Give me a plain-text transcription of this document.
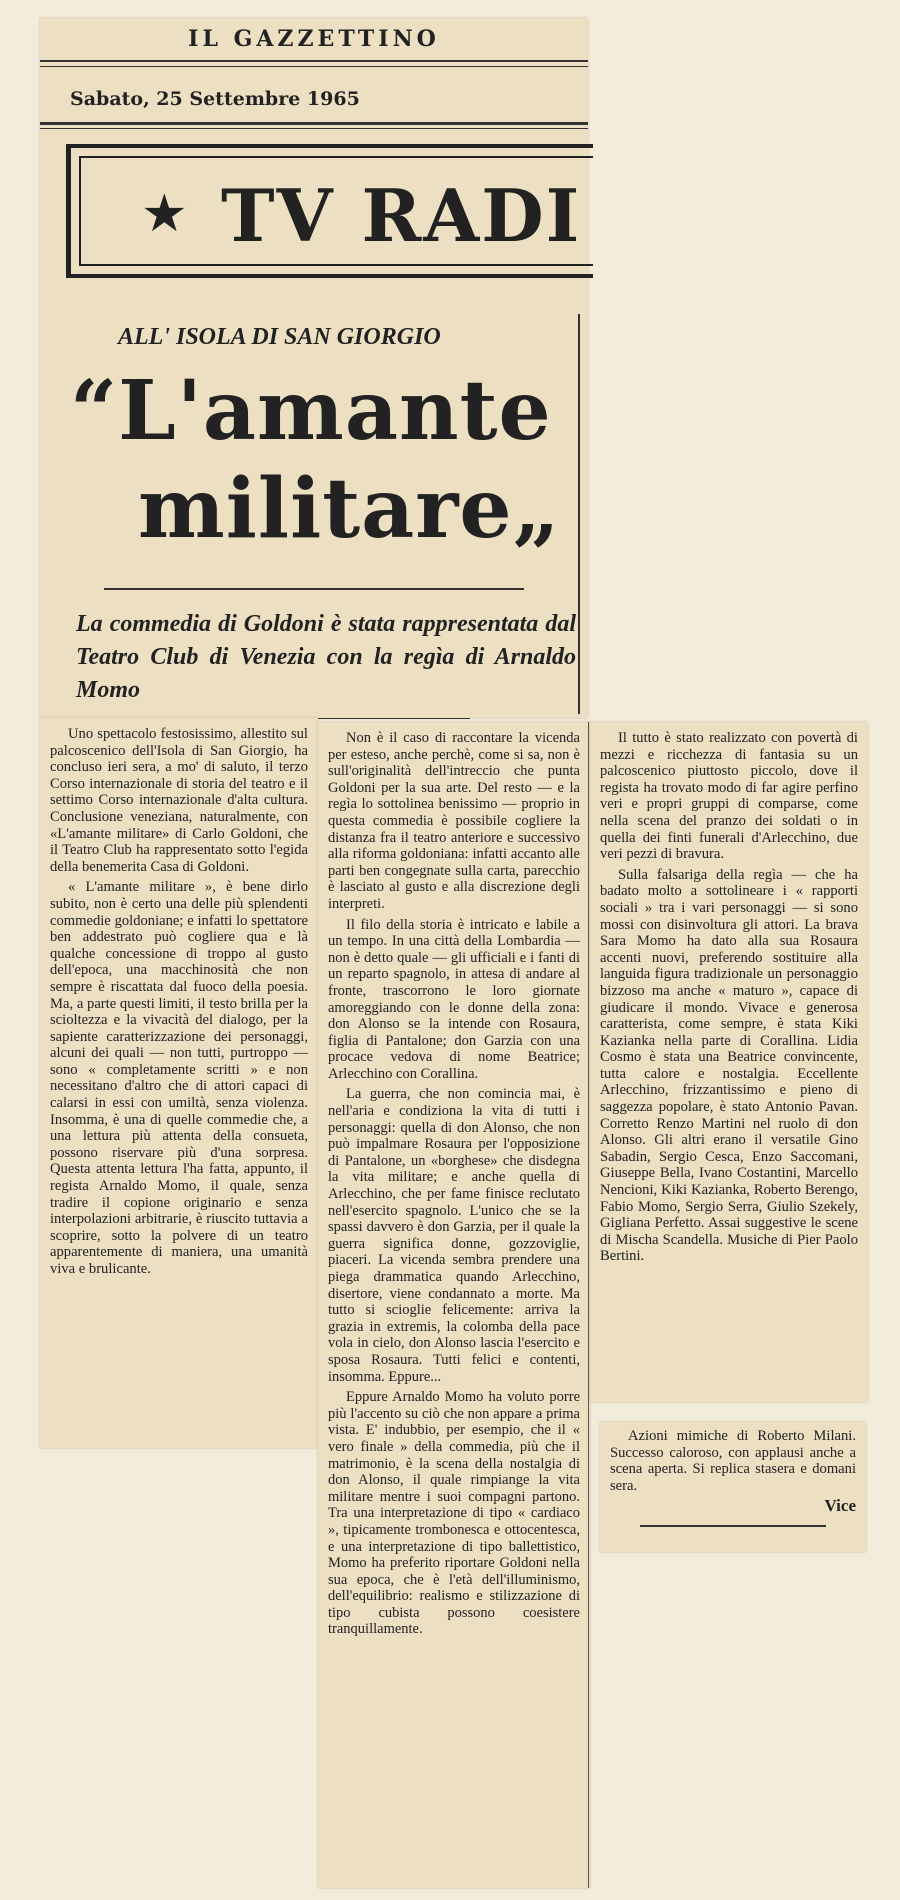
IL GAZZETTINO
Sabato, 25 Settembre 1965
★ TV RADI
ALL' ISOLA DI SAN GIORGIO
“L'amante
militare„
La commedia di Goldoni è stata rappresentata dal Teatro Club di Venezia con la regìa di Arnaldo Momo

Uno spettacolo festosissimo, allestito sul palcoscenico dell'Isola di San Giorgio, ha concluso ieri sera, a mo' di saluto, il terzo Corso internazionale di storia del teatro e il settimo Corso internazionale d'alta cultura. Conclusione veneziana, naturalmente, con «L'amante militare» di Carlo Goldoni, che il Teatro Club ha rappresentato sotto l'egida della benemerita Casa di Goldoni.

« L'amante militare », è bene dirlo subito, non è certo una delle più splendenti commedie goldoniane; e infatti lo spettatore ben addestrato può cogliere qua e là qualche concessione di troppo al gusto dell'epoca, una macchinosità che non sempre è riscattata dal fuoco della poesia. Ma, a parte questi limiti, il testo brilla per la scioltezza e la vivacità del dialogo, per la sapiente caratterizzazione dei personaggi, alcuni dei quali — non tutti, purtroppo — sono « completamente scritti » e non necessitano d'altro che di attori capaci di calarsi in essi con umiltà, senza violenza. Insomma, è una di quelle commedie che, a una lettura più attenta della consueta, possono riservare più d'una sorpresa. Questa attenta lettura l'ha fatta, appunto, il regista Arnaldo Momo, il quale, senza tradire il copione originario e senza interpolazioni arbitrarie, è riuscito tuttavia a scoprire, sotto la polvere di un teatro apparentemente di maniera, una umanità viva e brulicante.

Non è il caso di raccontare la vicenda per esteso, anche perchè, come si sa, non è sull'originalità dell'intreccio che punta Goldoni per la sua arte. Del resto — e la regìa lo sottolinea benissimo — proprio in questa commedia è possibile cogliere la distanza fra il teatro anteriore e successivo alla riforma goldoniana: infatti accanto alle parti ben congegnate sulla carta, parecchio è lasciato al gusto e alla discrezione degli interpreti.

Il filo della storia è intricato e labile a un tempo. In una città della Lombardia — non è detto quale — gli ufficiali e i fanti di un reparto spagnolo, in attesa di andare al fronte, trascorrono le loro giornate amoreggiando con le donne della zona: don Alonso se la intende con Rosaura, figlia di Pantalone; don Garzia con una procace vedova di nome Beatrice; Arlecchino con Corallina.

La guerra, che non comincia mai, è nell'aria e condiziona la vita di tutti i personaggi: quella di don Alonso, che non può impalmare Rosaura per l'opposizione di Pantalone, un «borghese» che disdegna la vita militare; e anche quella di Arlecchino, che per fame finisce reclutato nell'esercito spagnolo. L'unico che se la spassi davvero è don Garzia, per il quale la guerra significa donne, gozzoviglie, piaceri. La vicenda sembra prendere una piega drammatica quando Arlecchino, disertore, viene condannato a morte. Ma tutto si scioglie felicemente: arriva la grazia in extremis, la colomba della pace vola in cielo, don Alonso lascia l'esercito e sposa Rosaura. Tutti felici e contenti, insomma. Eppure...

Eppure Arnaldo Momo ha voluto porre più l'accento su ciò che non appare a prima vista. E' indubbio, per esempio, che il « vero finale » della commedia, più che il matrimonio, è la scena della nostalgia di don Alonso, il quale rimpiange la vita militare mentre i suoi compagni partono. Tra una interpretazione di tipo « cardiaco », tipicamente trombonesca e ottocentesca, e una interpretazione di tipo ballettistico, Momo ha preferito riportare Goldoni nella sua epoca, che è l'età dell'illuminismo, dell'equilibrio: realismo e stilizzazione di tipo cubista possono coesistere tranquillamente.

Il tutto è stato realizzato con povertà di mezzi e ricchezza di fantasia su un palcoscenico piuttosto piccolo, dove il regista ha trovato modo di far agire perfino veri e propri gruppi di comparse, come nella scena del pranzo dei soldati o in quella dei finti funerali d'Arlecchino, due veri pezzi di bravura.

Sulla falsariga della regìa — che ha badato molto a sottolineare i « rapporti sociali » tra i vari personaggi — si sono mossi con disinvoltura gli attori. La brava Sara Momo ha dato alla sua Rosaura accenti nuovi, preferendo sostituire alla languida figura tradizionale un personaggio bizzoso ma anche « maturo », capace di giudicare il mondo. Vivace e generosa caratterista, come sempre, è stata Kiki Kazianka nella parte di Corallina. Lidia Cosmo è stata una Beatrice convincente, tutta calore e nostalgia. Eccellente Arlecchino, frizzantissimo e pieno di saggezza popolare, è stato Antonio Pavan. Corretto Renzo Martini nel ruolo di don Alonso. Gli altri erano il versatile Gino Sabadin, Sergio Cesca, Enzo Saccomani, Giuseppe Bella, Ivano Costantini, Marcello Nencioni, Kiki Kazianka, Roberto Berengo, Fabio Momo, Sergio Serra, Giulio Szekely, Gigliana Perfetto. Assai suggestive le scene di Mischa Scandella. Musiche di Pier Paolo Bertini.

Azioni mimiche di Roberto Milani. Successo caloroso, con applausi anche a scena aperta. Si replica stasera e domani sera.

Vice
